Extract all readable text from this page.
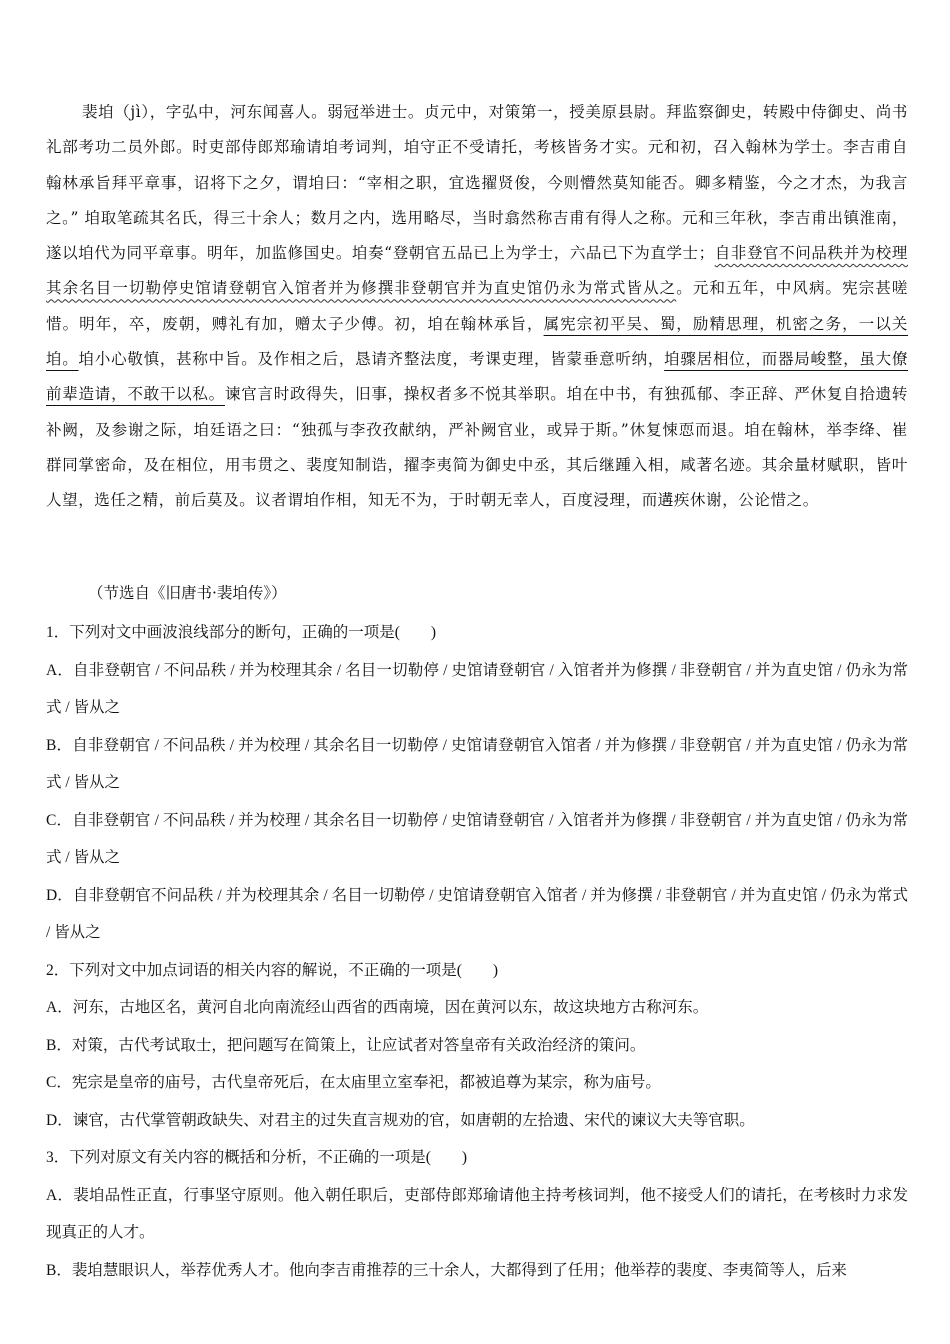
裴垍（jì），字弘中，河东闻喜人。弱冠举进士。贞元中，对策第一，授美原县尉。拜监察御史，转殿中侍御史、尚书礼部考功二员外郎。时吏部侍郎郑瑜请垍考词判，垍守正不受请托，考核皆务才实。元和初，召入翰林为学士。李吉甫自翰林承旨拜平章事，诏将下之夕，谓垍曰：“宰相之职，宜选擢贤俊，今则懵然莫知能否。卿多精鉴，今之才杰，为我言之。” 垍取笔疏其名氏，得三十余人；数月之内，选用略尽，当时翕然称吉甫有得人之称。元和三年秋，李吉甫出镇淮南，遂以垍代为同平章事。明年，加监修国史。垍奏“登朝官五品已上为学士，六品已下为直学士；自非登官不问品秩并为校理其余名目一切勒停史馆请登朝官入馆者并为修撰非登朝官并为直史馆仍永为常式皆从之。元和五年，中风病。宪宗甚嗟惜。明年，卒，废朝，赙礼有加，赠太子少傅。初，垍在翰林承旨，属宪宗初平吴、蜀，励精思理，机密之务，一以关垍。垍小心敬慎，甚称中旨。及作相之后，恳请齐整法度，考课吏理，皆蒙垂意听纳，垍骤居相位，而器局峻整，虽大僚前辈造请，不敢干以私。谏官言时政得失，旧事，操权者多不悦其举职。垍在中书，有独孤郁、李正辞、严休复自拾遗转补阙，及参谢之际，垍廷语之曰：“独孤与李孜孜献纳，严补阙官业，或异于斯。”休复悚恧而退。垍在翰林，举李绛、崔群同掌密命，及在相位，用韦贯之、裴度知制诰，擢李夷简为御史中丞，其后继踵入相，咸著名迹。其余量材赋职，皆叶人望，选任之精，前后莫及。议者谓垍作相，知无不为，于时朝无幸人，百度浸理，而遘疾休谢，公论惜之。

（节选自《旧唐书·裴垍传》）

1．下列对文中画波浪线部分的断句，正确的一项是(　　)

A．自非登朝官 / 不问品秩 / 并为校理其余 / 名目一切勒停 / 史馆请登朝官 / 入馆者并为修撰 / 非登朝官 / 并为直史馆 / 仍永为常式 / 皆从之

B．自非登朝官 / 不问品秩 / 并为校理 / 其余名目一切勒停 / 史馆请登朝官入馆者 / 并为修撰 / 非登朝官 / 并为直史馆 / 仍永为常式 / 皆从之

C．自非登朝官 / 不问品秩 / 并为校理 / 其余名目一切勒停 / 史馆请登朝官 / 入馆者并为修撰 / 非登朝官 / 并为直史馆 / 仍永为常式 / 皆从之

D．自非登朝官不问品秩 / 并为校理其余 / 名目一切勒停 / 史馆请登朝官入馆者 / 并为修撰 / 非登朝官 / 并为直史馆 / 仍永为常式 / 皆从之

2．下列对文中加点词语的相关内容的解说，不正确的一项是(　　)

A．河东，古地区名，黄河自北向南流经山西省的西南境，因在黄河以东，故这块地方古称河东。

B．对策，古代考试取士，把问题写在简策上，让应试者对答皇帝有关政治经济的策问。

C．宪宗是皇帝的庙号，古代皇帝死后，在太庙里立室奉祀，都被追尊为某宗，称为庙号。

D．谏官，古代掌管朝政缺失、对君主的过失直言规劝的官，如唐朝的左拾遗、宋代的谏议大夫等官职。

3．下列对原文有关内容的概括和分析，不正确的一项是(　　)

A．裴垍品性正直，行事坚守原则。他入朝任职后，吏部侍郎郑瑜请他主持考核词判，他不接受人们的请托，在考核时力求发现真正的人才。

B．裴垍慧眼识人，举荐优秀人才。他向李吉甫推荐的三十余人，大都得到了任用；他举荐的裴度、李夷简等人，后来
